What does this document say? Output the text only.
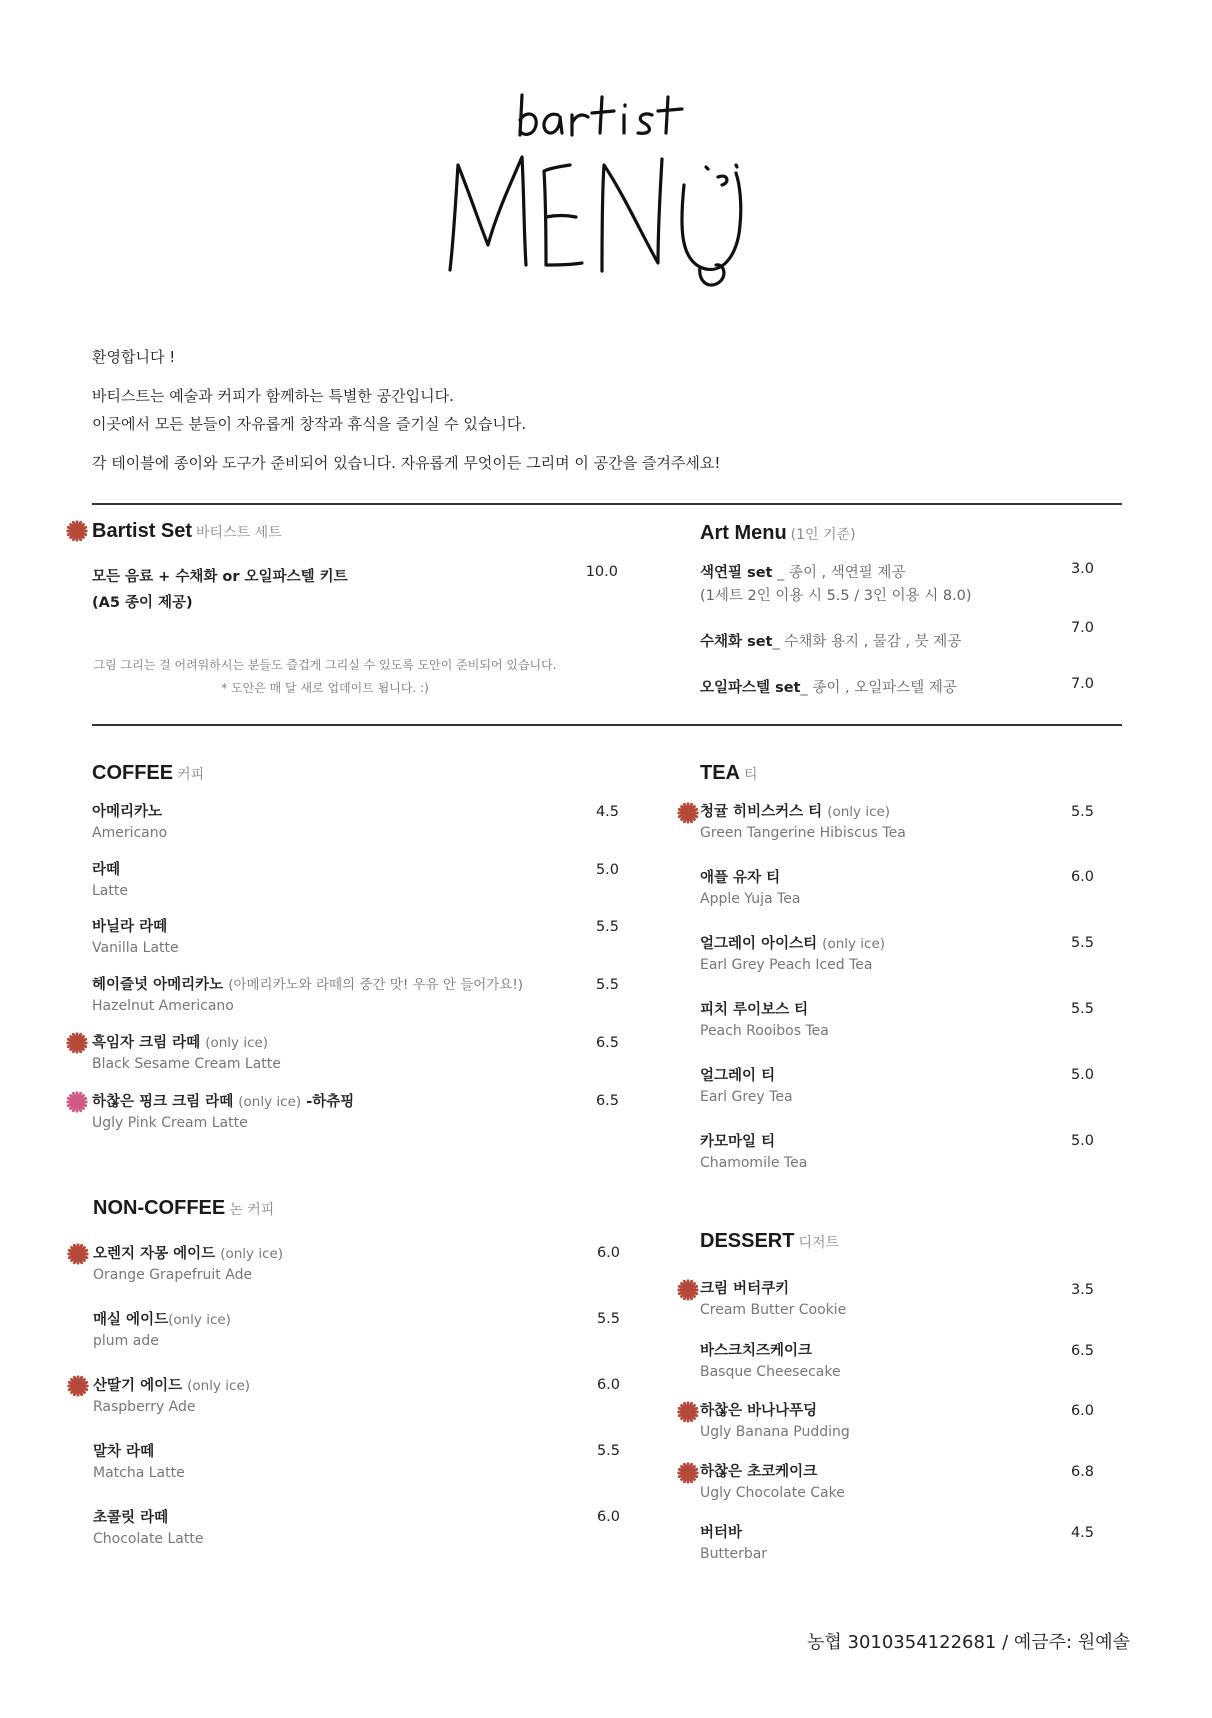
환영합니다 !
바티스트는 예술과 커피가 함께하는 특별한 공간입니다.
이곳에서 모든 분들이 자유롭게 창작과 휴식을 즐기실 수 있습니다.
각 테이블에 종이와 도구가 준비되어 있습니다. 자유롭게 무엇이든 그리며 이 공간을 즐겨주세요!
Bartist Set 바티스트 세트
모든 음료 + 수채화 or 오일파스텔 키트
(A5 종이 제공)
10.0
그림 그리는 걸 어려워하시는 분들도 즐겁게 그리실 수 있도록 도안이 준비되어 있습니다.
* 도안은 매 달 새로 업데이트 됩니다. :)
Art Menu (1인 기준)
색연필 set _ 종이 , 색연필 제공
(1세트 2인 이용 시 5.5 / 3인 이용 시 8.0)
3.0
수채화 set_ 수채화 용지 , 물감 , 붓 제공
7.0
오일파스텔 set_ 종이 , 오일파스텔 제공	7.0
COFFEE 커피
아메리카노
Americano
4.5
라떼
Latte
5.0
바닐라 라떼
Vanilla Latte
5.5
헤이즐넛 아메리카노 (아메리카노와 라떼의 중간 맛! 우유 안 들어가요!)
Hazelnut Americano
5.5
흑임자 크림 라떼 (only ice)
Black Sesame Cream Latte
6.5
하찮은 핑크 크림 라떼 (only ice) -하츄핑
Ugly Pink Cream Latte
6.5
NON-COFFEE 논 커피
오렌지 자몽 에이드 (only ice)
Orange Grapefruit Ade
6.0
매실 에이드(only ice)
plum ade
5.5
산딸기 에이드 (only ice)
Raspberry Ade
6.0
말차 라떼
Matcha Latte
5.5
초콜릿 라떼
Chocolate Latte
6.0
TEA 티
청귤 히비스커스 티 (only ice)
Green Tangerine Hibiscus Tea
5.5
애플 유자 티
Apple Yuja Tea
6.0
얼그레이 아이스티 (only ice)
Earl Grey Peach Iced Tea
5.5
피치 루이보스 티
Peach Rooibos Tea
5.5
얼그레이 티
Earl Grey Tea
5.0
카모마일 티
Chamomile Tea
5.0
DESSERT 디저트
크림 버터쿠키
Cream Butter Cookie
3.5
바스크치즈케이크
Basque Cheesecake
6.5
하찮은 바나나푸딩
Ugly Banana Pudding
6.0
하찮은 초코케이크
Ugly Chocolate Cake
6.8
버터바
Butterbar
4.5
농협 3010354122681 / 예금주: 원예솔
